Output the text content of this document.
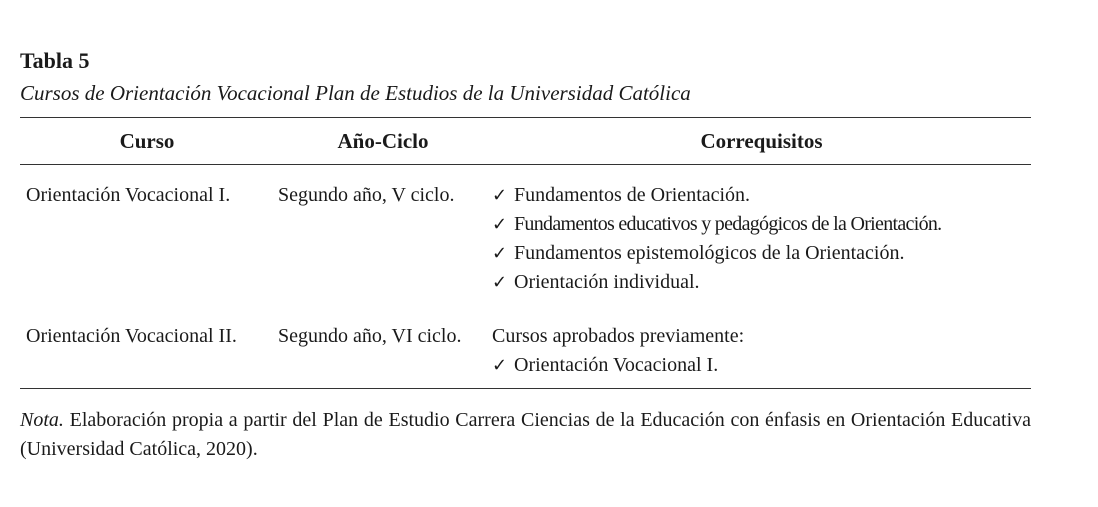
Tabla 5

Cursos de Orientación Vocacional Plan de Estudios de la Universidad Católica

Curso	Año-Ciclo	Correquisitos

Orientación Vocacional I.	Segundo año, V ciclo.	✓ Fundamentos de Orientación.
✓ Fundamentos educativos y pedagógicos de la Orientación.
✓ Fundamentos epistemológicos de la Orientación.
✓ Orientación individual.

Orientación Vocacional II.	Segundo año, VI ciclo.	Cursos aprobados previamente:
✓ Orientación Vocacional I.
Nota. Elaboración propia a partir del Plan de Estudio Carrera Ciencias de la Educación con énfasis en Orientación Educativa (Universidad Católica, 2020).
